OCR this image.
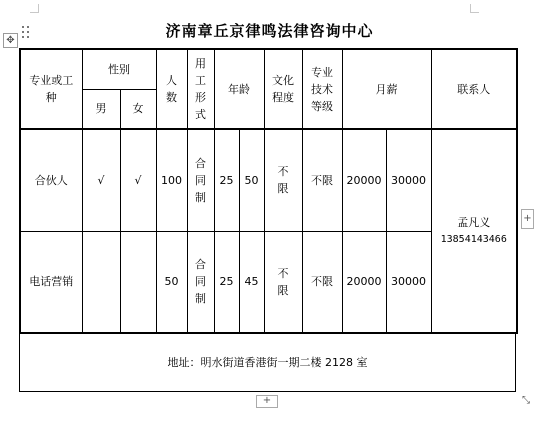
✥
济南章丘京律鸣法律咨询中心
专业或工种	性别		人数	用工形式	年龄		文化程度	专业技术等级	月薪		联系人
	男	女									
合伙人	√	√	100	合同制	25	50	不限	不限	20000	30000	孟凡义
13854143466

电话营销			50	合同制	25	45	不限	不限	20000	30000	
地址：明水街道香港街一期二楼 2128 室
+
+	⤡
